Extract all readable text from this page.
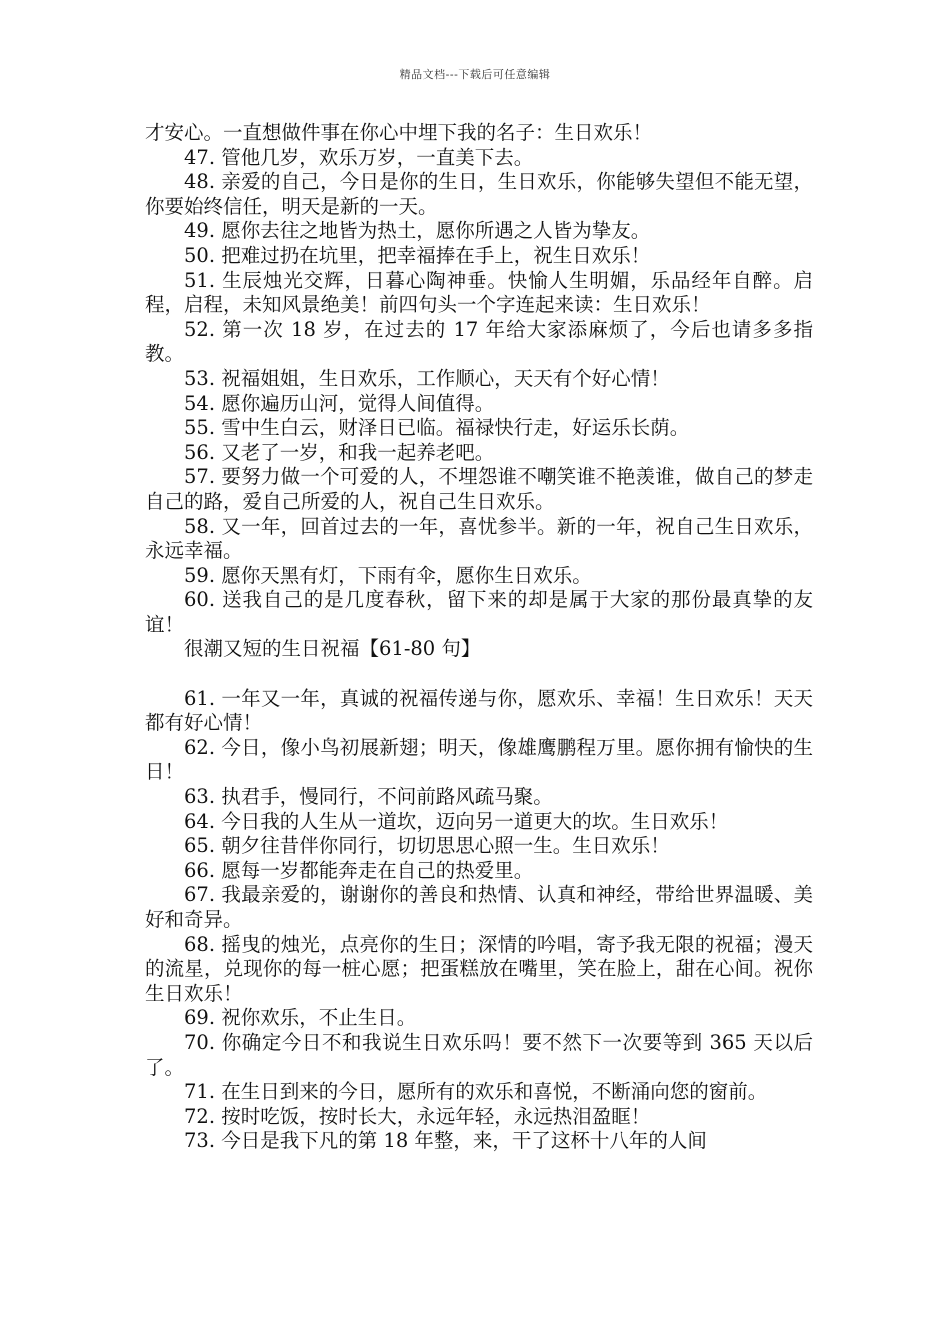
精品文档---下载后可任意编辑

才安心。一直想做件事在你心中埋下我的名子：生日欢乐！

47. 管他几岁，欢乐万岁，一直美下去。

48. 亲爱的自己，今日是你的生日，生日欢乐，你能够失望但不能无望，你要始终信任，明天是新的一天。

49. 愿你去往之地皆为热土，愿你所遇之人皆为挚友。

50. 把难过扔在坑里，把幸福捧在手上，祝生日欢乐！

51. 生辰烛光交辉，日暮心陶神垂。快愉人生明媚，乐品经年自醉。启程，启程，未知风景绝美！前四句头一个字连起来读：生日欢乐！

52. 第一次 18 岁，在过去的 17 年给大家添麻烦了，今后也请多多指教。

53. 祝福姐姐，生日欢乐，工作顺心，天天有个好心情！

54. 愿你遍历山河，觉得人间值得。

55. 雪中生白云，财泽日已临。福禄快行走，好运乐长荫。

56. 又老了一岁，和我一起养老吧。

57. 要努力做一个可爱的人，不埋怨谁不嘲笑谁不艳羡谁，做自己的梦走自己的路，爱自己所爱的人，祝自己生日欢乐。

58. 又一年，回首过去的一年，喜忧参半。新的一年，祝自己生日欢乐，永远幸福。

59. 愿你天黑有灯，下雨有伞，愿你生日欢乐。

60. 送我自己的是几度春秋，留下来的却是属于大家的那份最真挚的友谊！

很潮又短的生日祝福【61-80 句】

61. 一年又一年，真诚的祝福传递与你，愿欢乐、幸福！生日欢乐！天天都有好心情！

62. 今日，像小鸟初展新翅；明天，像雄鹰鹏程万里。愿你拥有愉快的生日！

63. 执君手，慢同行，不问前路风疏马聚。

64. 今日我的人生从一道坎，迈向另一道更大的坎。生日欢乐！

65. 朝夕往昔伴你同行，切切思思心照一生。生日欢乐！

66. 愿每一岁都能奔走在自己的热爱里。

67. 我最亲爱的，谢谢你的善良和热情、认真和神经，带给世界温暖、美好和奇异。

68. 摇曳的烛光，点亮你的生日；深情的吟唱，寄予我无限的祝福；漫天的流星，兑现你的每一桩心愿；把蛋糕放在嘴里，笑在脸上，甜在心间。祝你生日欢乐！

69. 祝你欢乐，不止生日。

70. 你确定今日不和我说生日欢乐吗！要不然下一次要等到 365 天以后了。

71. 在生日到来的今日，愿所有的欢乐和喜悦，不断涌向您的窗前。

72. 按时吃饭，按时长大，永远年轻，永远热泪盈眶！

73. 今日是我下凡的第 18 年整，来，干了这杯十八年的人间
